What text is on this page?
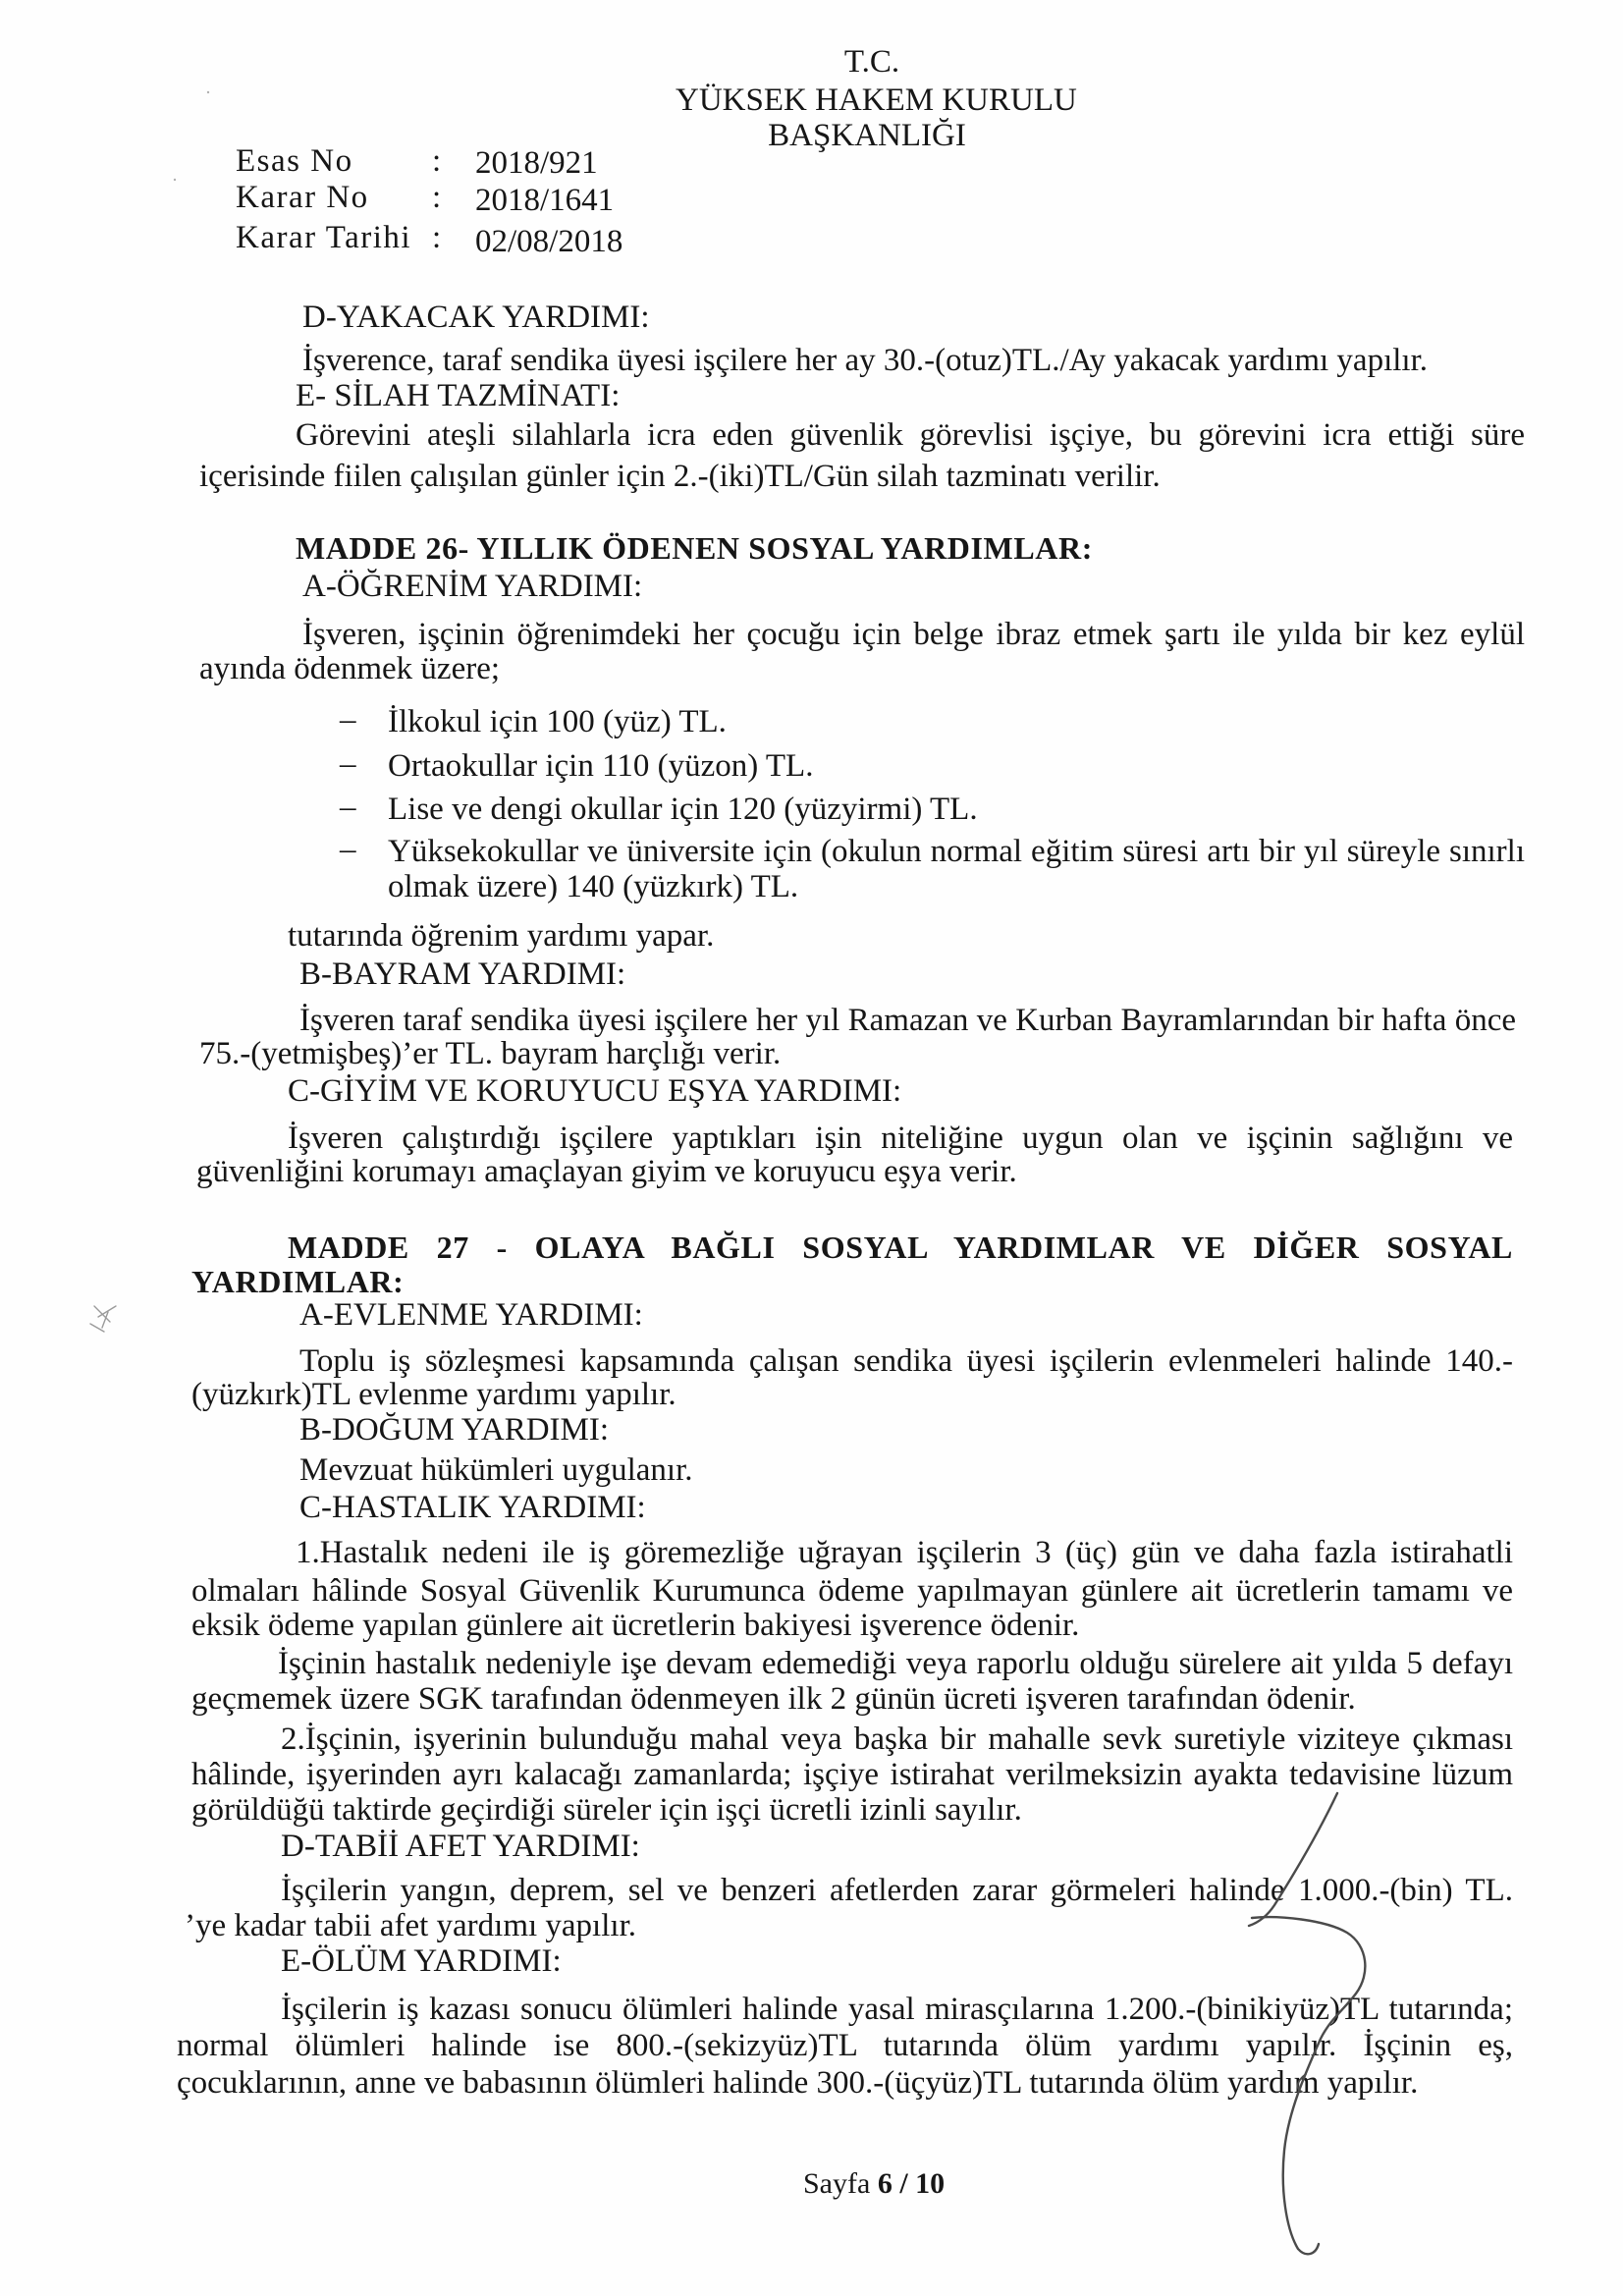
T.C.
YÜKSEK HAKEM KURULU
BAŞKANLIĞI
Esas No : 2018/921
Karar No : 2018/1641
Karar Tarihi : 02/08/2018
D-YAKACAK YARDIMI:
İşverence, taraf sendika üyesi işçilere her ay 30.-(otuz)TL./Ay yakacak yardımı yapılır.
E- SİLAH TAZMİNATI:
Görevini ateşli silahlarla icra eden güvenlik görevlisi işçiye, bu görevini icra ettiği süre
içerisinde fiilen çalışılan günler için 2.-(iki)TL/Gün silah tazminatı verilir.
MADDE 26- YILLIK ÖDENEN SOSYAL YARDIMLAR:
A-ÖĞRENİM YARDIMI:
İşveren, işçinin öğrenimdeki her çocuğu için belge ibraz etmek şartı ile yılda bir kez eylül
ayında ödenmek üzere;
– İlkokul için 100 (yüz) TL.
– Ortaokullar için 110 (yüzon) TL.
– Lise ve dengi okullar için 120 (yüzyirmi) TL.
– Yüksekokullar ve üniversite için (okulun normal eğitim süresi artı bir yıl süreyle sınırlı
olmak üzere) 140 (yüzkırk) TL.
tutarında öğrenim yardımı yapar.
B-BAYRAM YARDIMI:
İşveren taraf sendika üyesi işçilere her yıl Ramazan ve Kurban Bayramlarından bir hafta önce
75.-(yetmişbeş)’er TL. bayram harçlığı verir.
C-GİYİM VE KORUYUCU EŞYA YARDIMI:
İşveren çalıştırdığı işçilere yaptıkları işin niteliğine uygun olan ve işçinin sağlığını ve
güvenliğini korumayı amaçlayan giyim ve koruyucu eşya verir.
MADDE 27 - OLAYA BAĞLI SOSYAL YARDIMLAR VE DİĞER SOSYAL
YARDIMLAR:
A-EVLENME YARDIMI:
Toplu iş sözleşmesi kapsamında çalışan sendika üyesi işçilerin evlenmeleri halinde 140.-
(yüzkırk)TL evlenme yardımı yapılır.
B-DOĞUM YARDIMI:
Mevzuat hükümleri uygulanır.
C-HASTALIK YARDIMI:
1.Hastalık nedeni ile iş göremezliğe uğrayan işçilerin 3 (üç) gün ve daha fazla istirahatli
olmaları hâlinde Sosyal Güvenlik Kurumunca ödeme yapılmayan günlere ait ücretlerin tamamı ve
eksik ödeme yapılan günlere ait ücretlerin bakiyesi işverence ödenir.
İşçinin hastalık nedeniyle işe devam edemediği veya raporlu olduğu sürelere ait yılda 5 defayı
geçmemek üzere SGK tarafından ödenmeyen ilk 2 günün ücreti işveren tarafından ödenir.
2.İşçinin, işyerinin bulunduğu mahal veya başka bir mahalle sevk suretiyle viziteye çıkması
hâlinde, işyerinden ayrı kalacağı zamanlarda; işçiye istirahat verilmeksizin ayakta tedavisine lüzum
görüldüğü taktirde geçirdiği süreler için işçi ücretli izinli sayılır.
D-TABİİ AFET YARDIMI:
İşçilerin yangın, deprem, sel ve benzeri afetlerden zarar görmeleri halinde 1.000.-(bin) TL.
’ye kadar tabii afet yardımı yapılır.
E-ÖLÜM YARDIMI:
İşçilerin iş kazası sonucu ölümleri halinde yasal mirasçılarına 1.200.-(binikiyüz)TL tutarında;
normal ölümleri halinde ise 800.-(sekizyüz)TL tutarında ölüm yardımı yapılır. İşçinin eş,
çocuklarının, anne ve babasının ölümleri halinde 300.-(üçyüz)TL tutarında ölüm yardım yapılır.
Sayfa 6 / 10
